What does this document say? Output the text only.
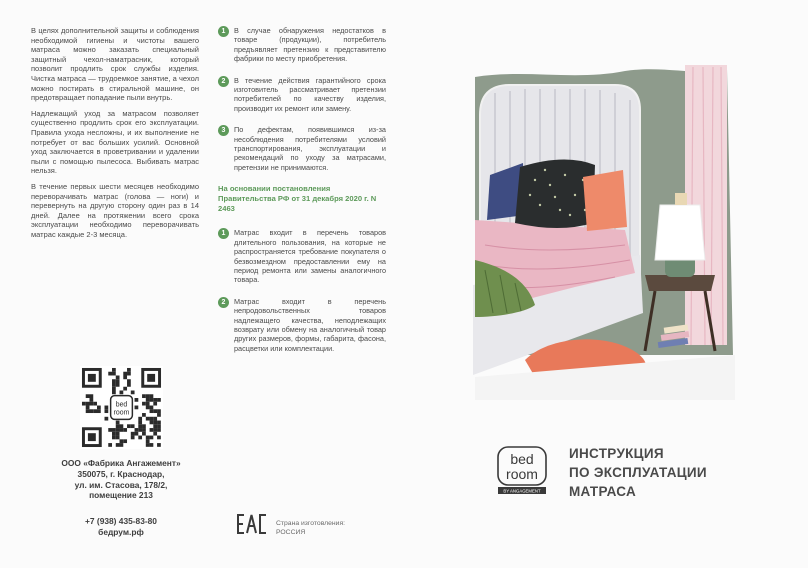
В целях дополнительной защиты и соблюдения необходимой гигиены и чистоты вашего матраса можно заказать специальный защитный чехол-наматрасник, который позволит продлить срок службы изделия. Чистка матраса — трудоемкое занятие, а чехол можно постирать в стиральной машине, он предотвращает попадание пыли внутрь.

Надлежащий уход за матрасом позволяет существенно продлить срок его эксплуатации. Правила ухода несложны, и их выполнение не потребует от вас больших усилий. Основной уход заключается в проветривании и удалении пыли с помощью пылесоса. Выбивать матрас нельзя.

В течение первых шести месяцев необходимо переворачивать матрас (голова — ноги) и перевернуть на другую сторону один раз в 14 дней. Далее на протяжении всего срока эксплуатации необходимо переворачивать матрас каждые 2-3 месяца.

1	В случае обнаружения недостатков в товаре (продукции), потребитель предъявляет претензию к представителю фабрики по месту приобретения.

2	В течение действия гарантийного срока изготовитель рассматривает претензии потребителей по качеству изделия, производит их ремонт или замену.

3	По дефектам, появившимся из-за несоблюдения потребителями условий транспортирования, эксплуатации и рекомендаций по уходу за матрасами, претензии не принимаются.

На основании постановления Правительства РФ от 31 декабря 2020 г. N 2463
1	Матрас входит в перечень товаров длительного пользования, на которые не распространяется требование покупателя о безвозмездном предоставлении ему на период ремонта или замены аналогичного товара.

2	Матрас входит в перечень непродовольственных товаров надлежащего качества, неподлежащих возврату или обмену на аналогичный товар других размеров, формы, габарита, фасона, расцветки или комплектации.

bed
room
ООО «Фабрика Ангажемент»
350075, г. Краснодар,
ул. им. Стасова, 178/2,
помещение 213
+7 (938) 435-83-80
бедрум.рф
Страна изготовления:
РОССИЯ
bed
room
BY ANGAGEMENT
ИНСТРУКЦИЯ
ПО ЭКСПЛУАТАЦИИ
МАТРАСА
